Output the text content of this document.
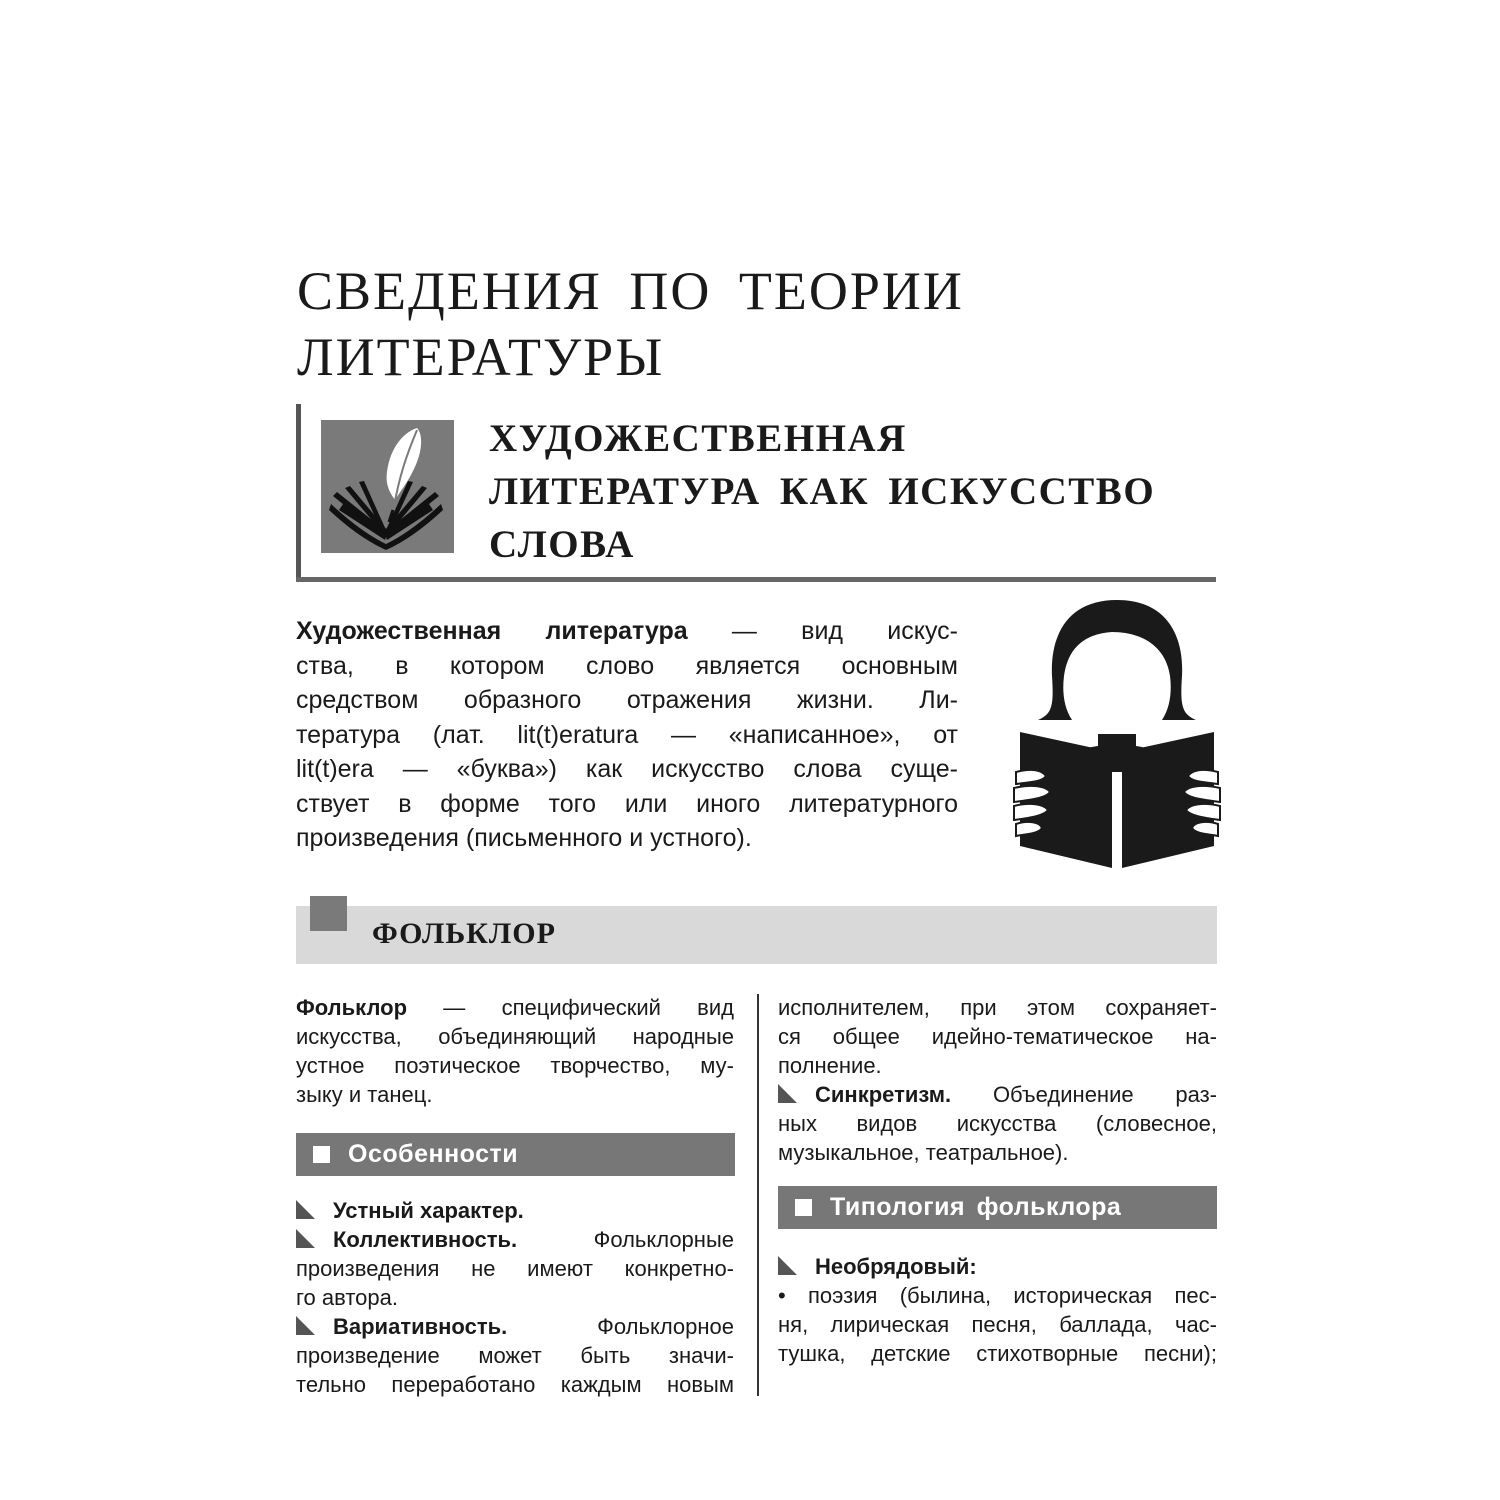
СВЕДЕНИЯ ПО ТЕОРИИ
ЛИТЕРАТУРЫ
ХУДОЖЕСТВЕННАЯ
ЛИТЕРАТУРА КАК ИСКУССТВО
СЛОВА
Художественная литература — вид искус-
ства, в котором слово является основным
средством образного отражения жизни. Ли-
тература (лат. lit(t)eratura — «написанное», от
lit(t)era — «буква») как искусство слова суще-
ствует в форме того или иного литературного
произведения (письменного и устного).
ФОЛЬКЛОР
Фольклор — специфический вид
искусства, объединяющий народные
устное поэтическое творчество, му-
зыку и танец.
Особенности
Устный характер.
Коллективность.	Фольклорные
произведения не имеют конкретно-
го автора.
Вариативность.	Фольклорное
произведение может быть значи-
тельно переработано каждым новым
исполнителем, при этом сохраняет-
ся общее идейно-тематическое на-
полнение.
Синкретизм. Объединение раз-
ных видов искусства (словесное,
музыкальное, театральное).
Типология фольклора
Необрядовый:
• поэзия (былина, историческая пес-
ня, лирическая песня, баллада, час-
тушка, детские стихотворные песни);
